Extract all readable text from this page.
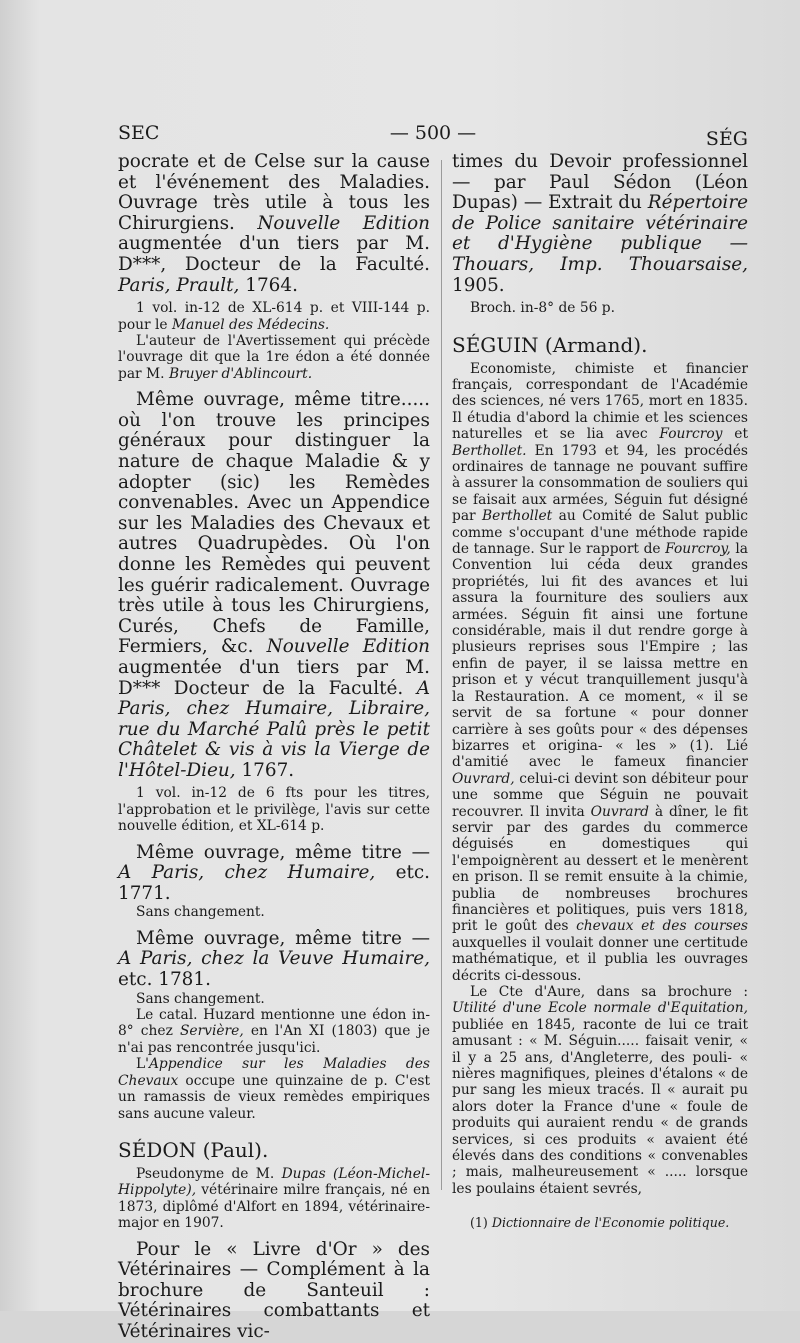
SEC	— 500 —	SÉG

pocrate et de Celse sur la cause et l'événement des Maladies. Ouvrage très utile à tous les Chirurgiens. Nouvelle Edition augmentée d'un tiers par M. D***, Docteur de la Faculté. Paris, Prault, 1764.

1 vol. in-12 de XL-614 p. et VIII-144 p. pour le Manuel des Médecins.

L'auteur de l'Avertissement qui précède l'ouvrage dit que la 1re édon a été donnée par M. Bruyer d'Ablincourt.

Même ouvrage, même titre..... où l'on trouve les principes généraux pour distinguer la nature de chaque Maladie & y adopter (sic) les Remèdes convenables. Avec un Appendice sur les Maladies des Chevaux et autres Quadrupèdes. Où l'on donne les Remèdes qui peuvent les guérir radicalement. Ouvrage très utile à tous les Chirurgiens, Curés, Chefs de Famille, Fermiers, &c. Nouvelle Edition augmentée d'un tiers par M. D*** Docteur de la Faculté. A Paris, chez Humaire, Libraire, rue du Marché Palû près le petit Châtelet & vis à vis la Vierge de l'Hôtel-Dieu, 1767.

1 vol. in-12 de 6 fts pour les titres, l'approbation et le privilège, l'avis sur cette nouvelle édition, et XL-614 p.

Même ouvrage, même titre — A Paris, chez Humaire, etc. 1771.

Sans changement.

Même ouvrage, même titre — A Paris, chez la Veuve Humaire, etc. 1781.

Sans changement.

Le catal. Huzard mentionne une édon in-8° chez Servière, en l'An XI (1803) que je n'ai pas rencontrée jusqu'ici.

L'Appendice sur les Maladies des Chevaux occupe une quinzaine de p. C'est un ramassis de vieux remèdes empiriques sans aucune valeur.

SÉDON (Paul).

Pseudonyme de M. Dupas (Léon-Michel-Hippolyte), vétérinaire milre français, né en 1873, diplômé d'Alfort en 1894, vétérinaire-major en 1907.

Pour le « Livre d'Or » des Vétérinaires — Complément à la brochure de Santeuil : Vétérinaires combattants et Vétérinaires vic-

times du Devoir professionnel — par Paul Sédon (Léon Dupas) — Extrait du Répertoire de Police sanitaire vétérinaire et d'Hygiène publique — Thouars, Imp. Thouarsaise, 1905.

Broch. in-8° de 56 p.

SÉGUIN (Armand).

Economiste, chimiste et financier français, correspondant de l'Académie des sciences, né vers 1765, mort en 1835. Il étudia d'abord la chimie et les sciences naturelles et se lia avec Fourcroy et Berthollet. En 1793 et 94, les procédés ordinaires de tannage ne pouvant suffire à assurer la consommation de souliers qui se faisait aux armées, Séguin fut désigné par Berthollet au Comité de Salut public comme s'occupant d'une méthode rapide de tannage. Sur le rapport de Fourcroy, la Convention lui céda deux grandes propriétés, lui fit des avances et lui assura la fourniture des souliers aux armées. Séguin fit ainsi une fortune considérable, mais il dut rendre gorge à plusieurs reprises sous l'Empire ; las enfin de payer, il se laissa mettre en prison et y vécut tranquillement jusqu'à la Restauration. A ce moment, « il se servit de sa fortune « pour donner carrière à ses goûts pour « des dépenses bizarres et origina- « les » (1). Lié d'amitié avec le fameux financier Ouvrard, celui-ci devint son débiteur pour une somme que Séguin ne pouvait recouvrer. Il invita Ouvrard à dîner, le fit servir par des gardes du commerce déguisés en domestiques qui l'empoignèrent au dessert et le menèrent en prison. Il se remit ensuite à la chimie, publia de nombreuses brochures financières et politiques, puis vers 1818, prit le goût des chevaux et des courses auxquelles il voulait donner une certitude mathématique, et il publia les ouvrages décrits ci-dessous.

Le Cte d'Aure, dans sa brochure : Utilité d'une Ecole normale d'Equitation, publiée en 1845, raconte de lui ce trait amusant : « M. Séguin..... faisait venir, « il y a 25 ans, d'Angleterre, des pouli- « nières magnifiques, pleines d'étalons « de pur sang les mieux tracés. Il « aurait pu alors doter la France d'une « foule de produits qui auraient rendu « de grands services, si ces produits « avaient été élevés dans des conditions « convenables ; mais, malheureusement « ..... lorsque les poulains étaient sevrés,

(1) Dictionnaire de l'Economie politique.
